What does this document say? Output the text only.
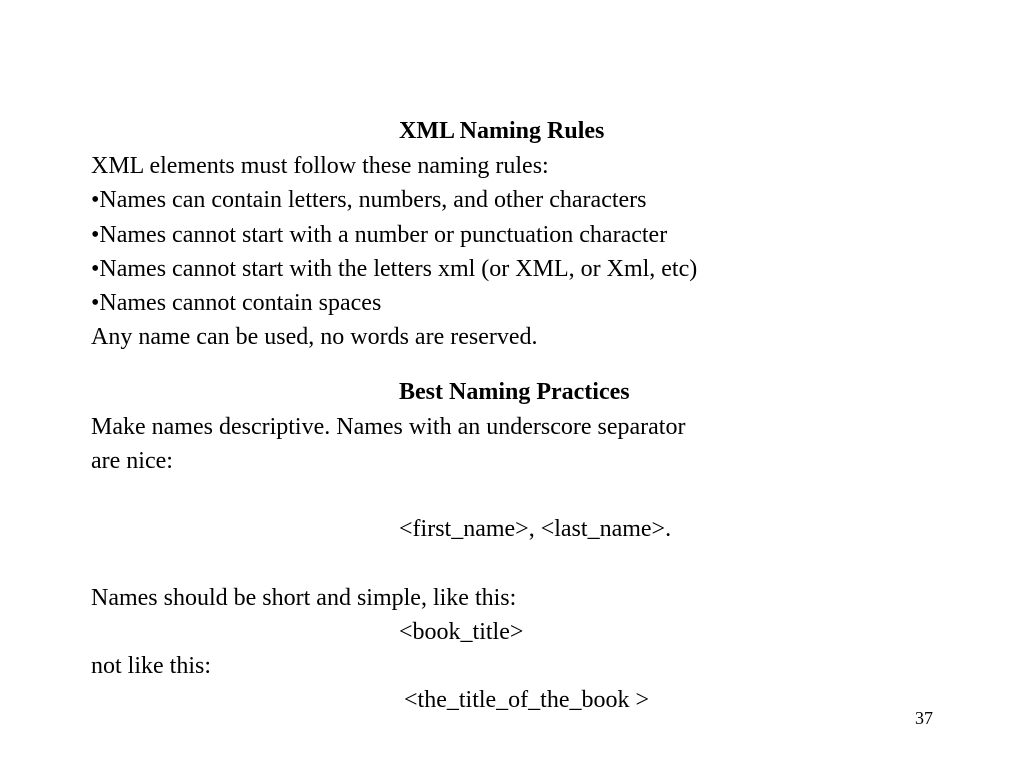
XML Naming Rules
XML elements must follow these naming rules:
•Names can contain letters, numbers, and other characters
•Names cannot start with a number or punctuation character
•Names cannot start with the letters xml (or XML, or Xml, etc)
•Names cannot contain spaces
Any name can be used, no words are reserved.
Best Naming Practices
Make names descriptive. Names with an underscore separator
are nice:
<first_name>, <last_name>.
Names should be short and simple, like this:
<book_title>
not like this:
<the_title_of_the_book >
37
